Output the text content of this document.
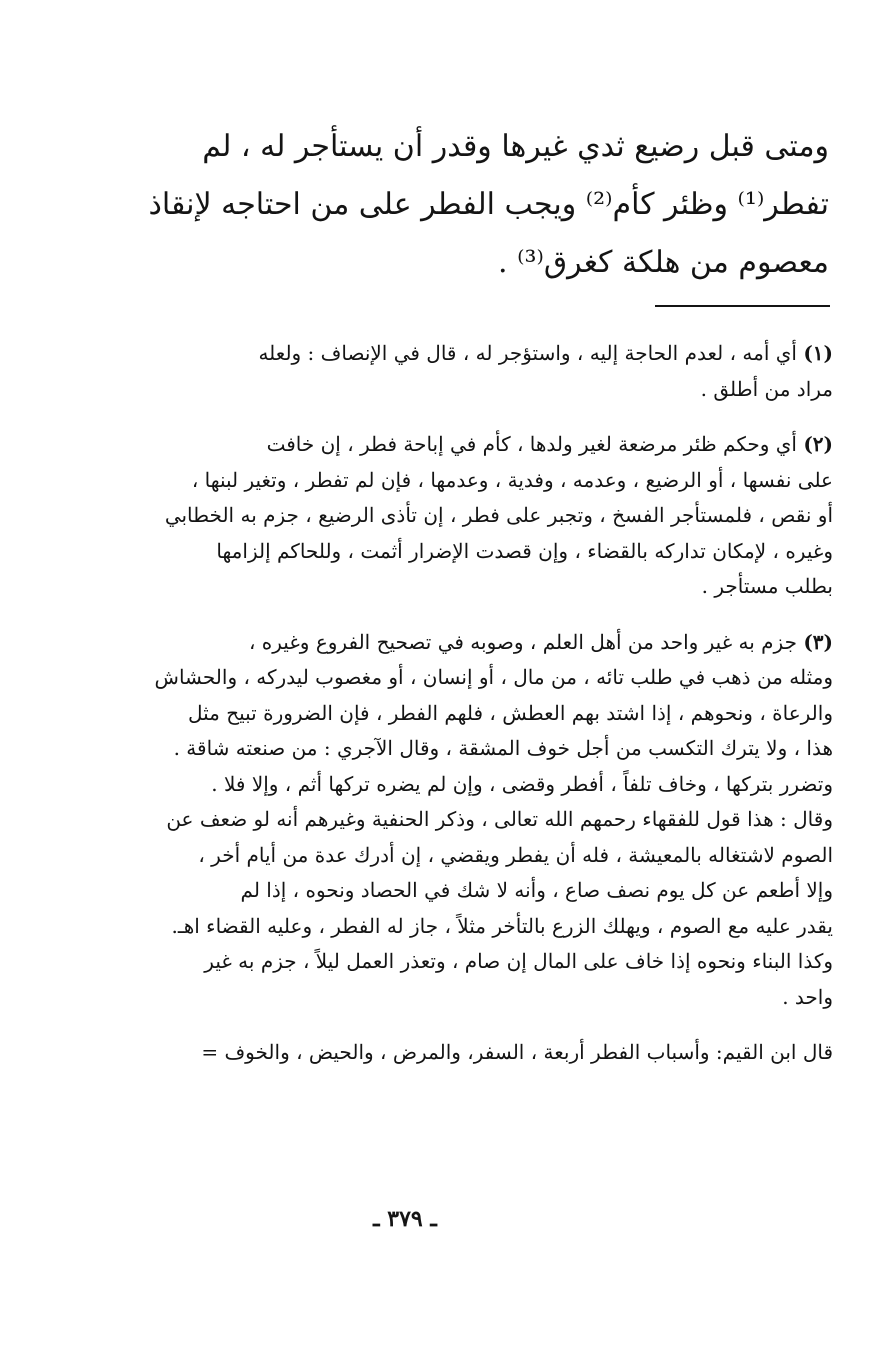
ومتى قبل رضيع ثدي غيرها وقدر أن يستأجر له ، لم
تفطر⁽¹⁾ وظئر كأم⁽²⁾ ويجب الفطر على من احتاجه لإنقاذ
معصوم من هلكة كغرق⁽³⁾ .
(١) أي أمه ، لعدم الحاجة إليه ، واستؤجر له ، قال في الإنصاف : ولعله
مراد من أطلق .
(٢) أي وحكم ظئر مرضعة لغير ولدها ، كأم في إباحة فطر ، إن خافت
على نفسها ، أو الرضيع ، وعدمه ، وفدية ، وعدمها ، فإن لم تفطر ، وتغير لبنها ،
أو نقص ، فلمستأجر الفسخ ، وتجبر على فطر ، إن تأذى الرضيع ، جزم به الخطابي
وغيره ، لإمكان تداركه بالقضاء ، وإن قصدت الإضرار أثمت ، وللحاكم إلزامها
بطلب مستأجر .
(٣) جزم به غير واحد من أهل العلم ، وصوبه في تصحيح الفروع وغيره ،
ومثله من ذهب في طلب تائه ، من مال ، أو إنسان ، أو مغصوب ليدركه ، والحشاش
والرعاة ، ونحوهم ، إذا اشتد بهم العطش ، فلهم الفطر ، فإن الضرورة تبيح مثل
هذا ، ولا يترك التكسب من أجل خوف المشقة ، وقال الآجري : من صنعته شاقة .
وتضرر بتركها ، وخاف تلفاً ، أفطر وقضى ، وإن لم يضره تركها أثم ، وإلا فلا .
وقال : هذا قول للفقهاء رحمهم الله تعالى ، وذكر الحنفية وغيرهم أنه لو ضعف عن
الصوم لاشتغاله بالمعيشة ، فله أن يفطر ويقضي ، إن أدرك عدة من أيام أخر ،
وإلا أطعم عن كل يوم نصف صاع ، وأنه لا شك في الحصاد ونحوه ، إذا لم
يقدر عليه مع الصوم ، ويهلك الزرع بالتأخر مثلاً ، جاز له الفطر ، وعليه القضاء اهـ.
وكذا البناء ونحوه إذا خاف على المال إن صام ، وتعذر العمل ليلاً ، جزم به غير
واحد .
قال ابن القيم: وأسباب الفطر أربعة ، السفر، والمرض ، والحيض ، والخوف =
ـ ٣٧٩ ـ
